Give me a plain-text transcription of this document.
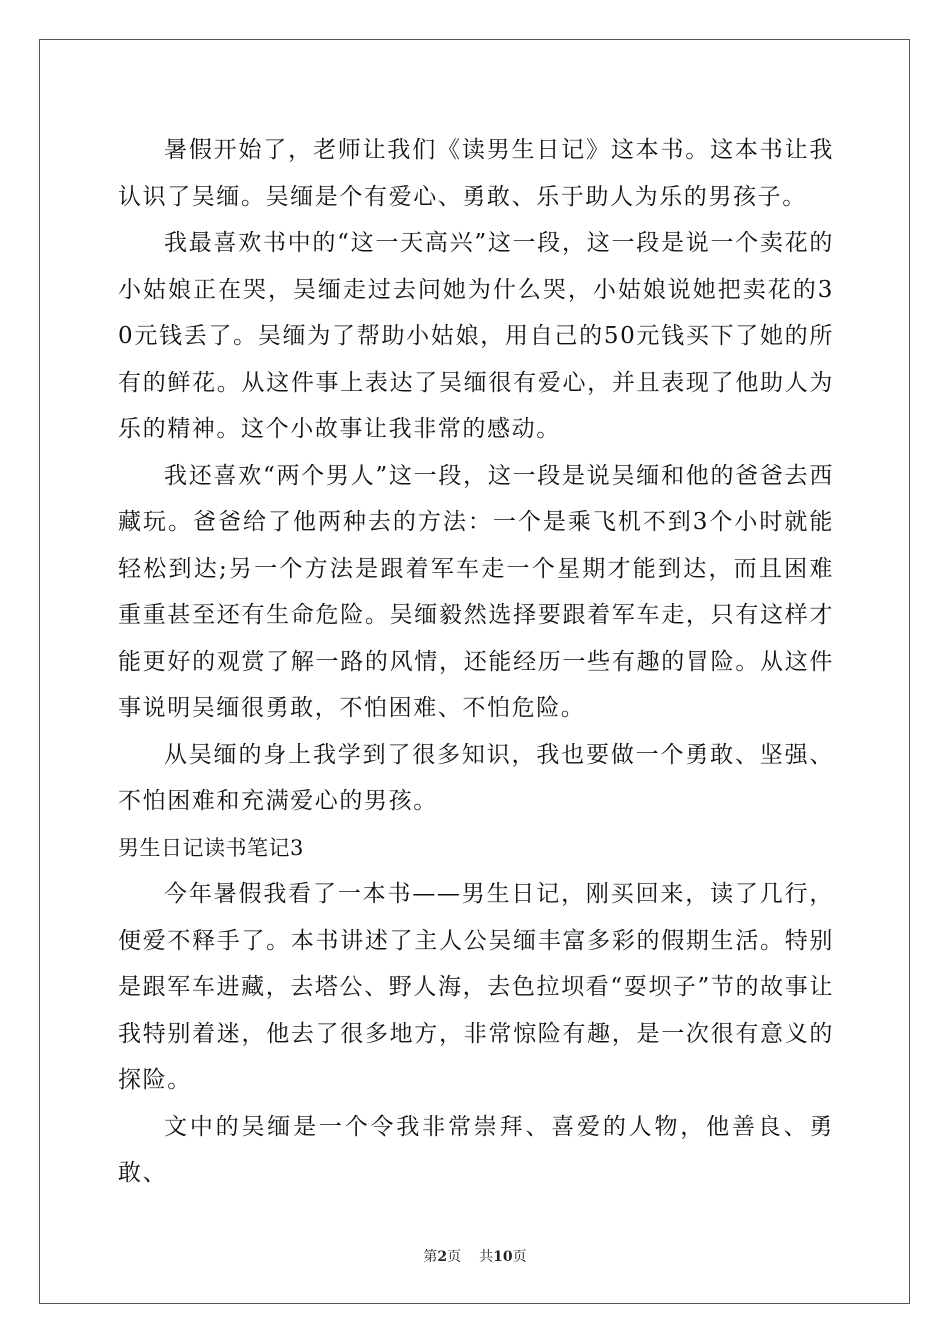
暑假开始了，老师让我们《读男生日记》这本书。这本书让我认识了吴缅。吴缅是个有爱心、勇敢、乐于助人为乐的男孩子。

我最喜欢书中的“这一天高兴”这一段，这一段是说一个卖花的小姑娘正在哭，吴缅走过去问她为什么哭，小姑娘说她把卖花的30元钱丢了。吴缅为了帮助小姑娘，用自己的50元钱买下了她的所有的鲜花。从这件事上表达了吴缅很有爱心，并且表现了他助人为乐的精神。这个小故事让我非常的感动。

我还喜欢“两个男人”这一段，这一段是说吴缅和他的爸爸去西藏玩。爸爸给了他两种去的方法：一个是乘飞机不到3个小时就能轻松到达;另一个方法是跟着军车走一个星期才能到达，而且困难重重甚至还有生命危险。吴缅毅然选择要跟着军车走，只有这样才能更好的观赏了解一路的风情，还能经历一些有趣的冒险。从这件事说明吴缅很勇敢，不怕困难、不怕危险。

从吴缅的身上我学到了很多知识，我也要做一个勇敢、坚强、不怕困难和充满爱心的男孩。

男生日记读书笔记3

今年暑假我看了一本书——男生日记，刚买回来，读了几行，便爱不释手了。本书讲述了主人公吴缅丰富多彩的假期生活。特别是跟军车进藏，去塔公、野人海，去色拉坝看“耍坝子”节的故事让我特别着迷，他去了很多地方，非常惊险有趣，是一次很有意义的探险。

文中的吴缅是一个令我非常崇拜、喜爱的人物，他善良、勇敢、

第2页 共10页
